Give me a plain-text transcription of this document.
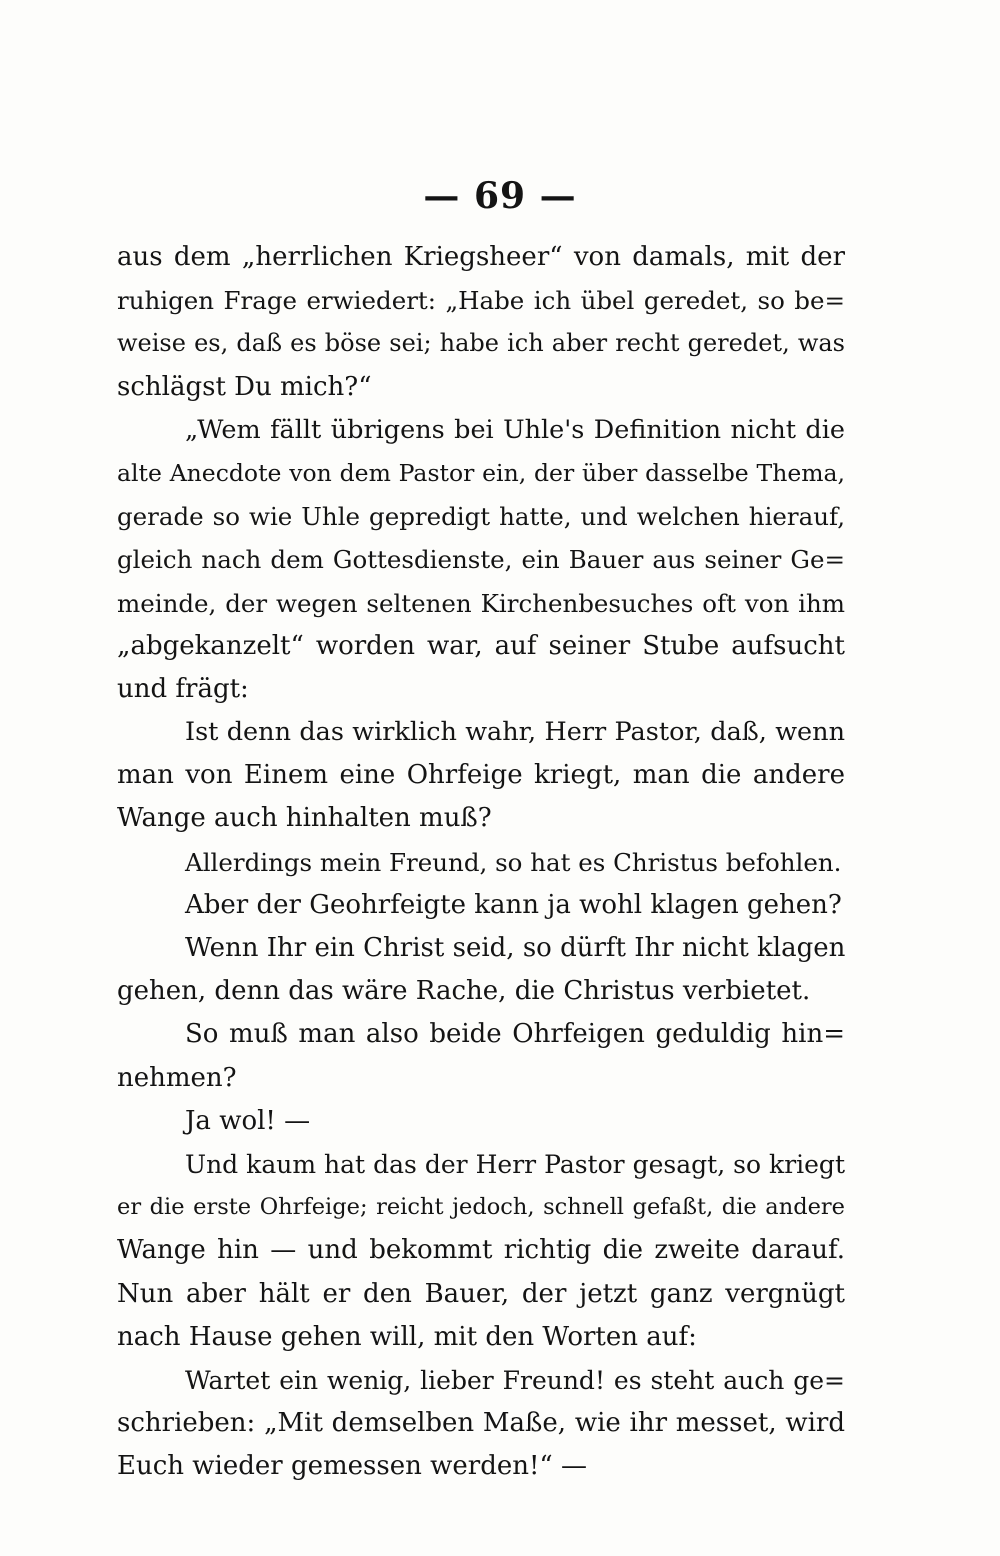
— 69 —
aus dem „herrlichen Kriegsheer“ von damals, mit der
ruhigen Frage erwiedert: „Habe ich übel geredet, so be=
weise es, daß es böse sei; habe ich aber recht geredet, was
schlägst Du mich?“
„Wem fällt übrigens bei Uhle's Definition nicht die
alte Anecdote von dem Pastor ein, der über dasselbe Thema,
gerade so wie Uhle gepredigt hatte, und welchen hierauf,
gleich nach dem Gottesdienste, ein Bauer aus seiner Ge=
meinde, der wegen seltenen Kirchenbesuches oft von ihm
„abgekanzelt“ worden war, auf seiner Stube aufsucht
und frägt:
Ist denn das wirklich wahr, Herr Pastor, daß, wenn
man von Einem eine Ohrfeige kriegt, man die andere
Wange auch hinhalten muß?
Allerdings mein Freund, so hat es Christus befohlen.
Aber der Geohrfeigte kann ja wohl klagen gehen?
Wenn Ihr ein Christ seid, so dürft Ihr nicht klagen
gehen, denn das wäre Rache, die Christus verbietet.
So muß man also beide Ohrfeigen geduldig hin=
nehmen?
Ja wol! —
Und kaum hat das der Herr Pastor gesagt, so kriegt
er die erste Ohrfeige; reicht jedoch, schnell gefaßt, die andere
Wange hin — und bekommt richtig die zweite darauf.
Nun aber hält er den Bauer, der jetzt ganz vergnügt
nach Hause gehen will, mit den Worten auf:
Wartet ein wenig, lieber Freund! es steht auch ge=
schrieben: „Mit demselben Maße, wie ihr messet, wird
Euch wieder gemessen werden!“ —
